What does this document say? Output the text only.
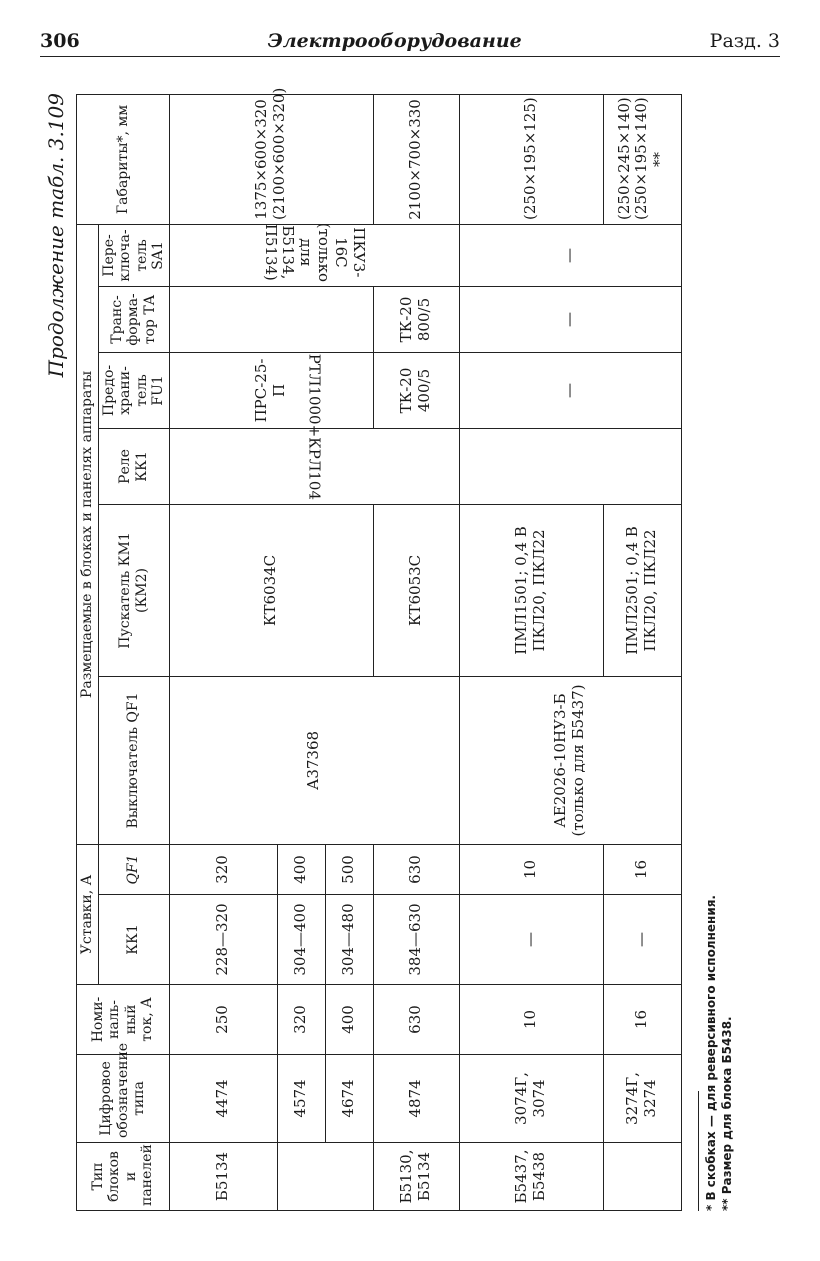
306	Электрооборудование	Разд. 3
Продолжение табл. 3.109
Тип блоков и панелей	Цифровое обозначение типа	Номи-наль-ный ток, А	Уставки, А		Размещаемые в блоках и панелях аппараты						Габариты*, мм
			КК1	QF1	Выключатель QF1	Пускатель КМ1 (КМ2)	Реле КК1	Предо-храни-тель FU1	Транс-форма-тор ТА	Пере-ключа-тель SA1	
Б5134	4474	250	228—320	320	А37368	КТ6034С	РТЛ1000+КРЛ104	ПРС-25-П		ПКУ3-16С (только для Б5134, П5134)	1375×600×320 (2100×600×320)
	4574	320	304—400	400							
	4674	400	304—480	500							
Б5130, Б5134	4874	630	384—630	630		КТ6053С		ТК-20 400/5	ТК-20 800/5		2100×700×330
Б5437, Б5438	3074Г, 3074	10	—	10	АЕ2026-10НУ3-Б (только для Б5437)	ПМЛ1501; 0,4 В ПКЛ20, ПКЛ22		—	—	—	(250×195×125)
	3274Г, 3274	16	—	16		ПМЛ2501; 0,4 В ПКЛ20, ПКЛ22					(250×245×140) (250×195×140) **
* В скобках — для реверсивного исполнения. ** Размер для блока Б5438.
